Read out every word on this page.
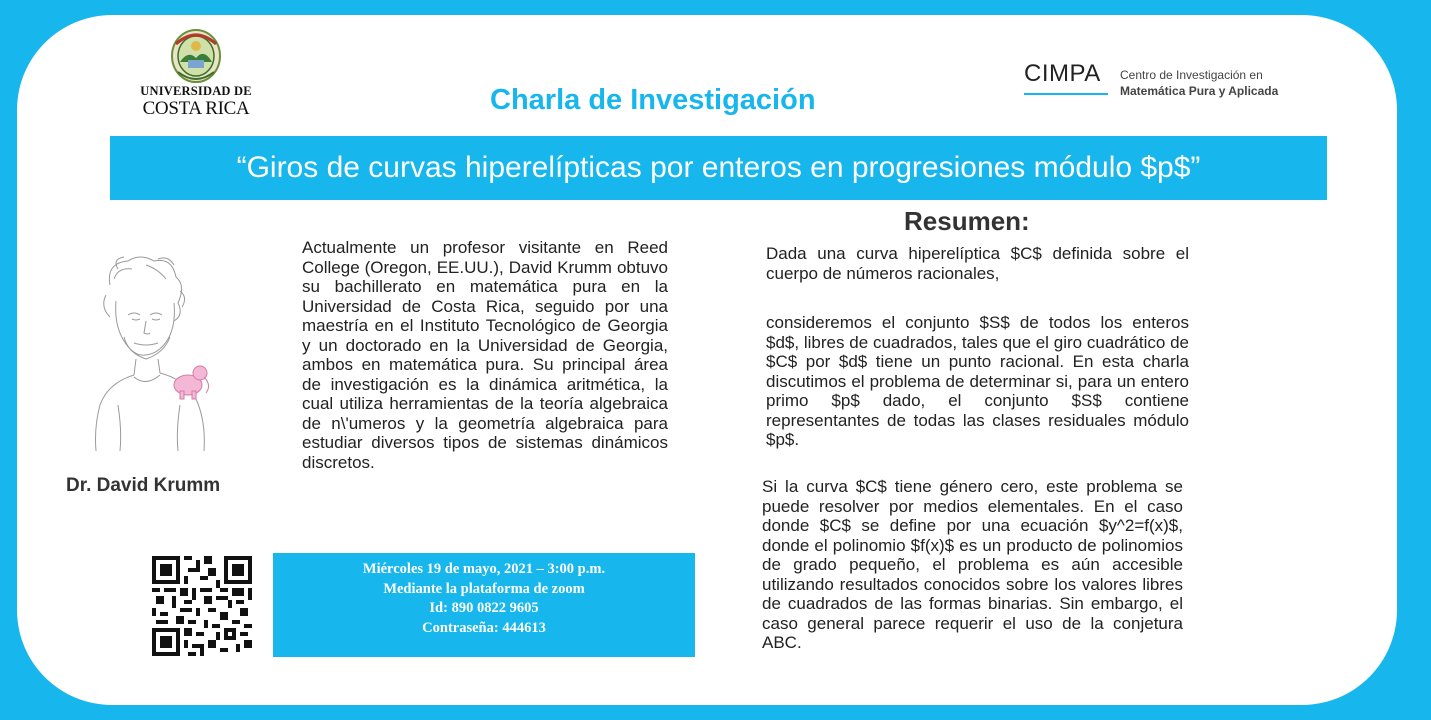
UNIVERSIDAD DE
COSTA RICA
CIMPA Centro de Investigación en
Matemática Pura y Aplicada
Charla de Investigación
“Giros de curvas hiperelípticas por enteros en progresiones módulo $p$”
Dr. David Krumm
Actualmente un profesor visitante en Reed College (Oregon, EE.UU.), David Krumm obtuvo su bachillerato en matemática pura en la Universidad de Costa Rica, seguido por una maestría en el Instituto Tecnológico de Georgia y un doctorado en la Universidad de Georgia, ambos en matemática pura. Su principal área de investigación es la dinámica aritmética, la cual utiliza herramientas de la teoría algebraica de n\'umeros y la geometría algebraica para estudiar diversos tipos de sistemas dinámicos discretos.
Miércoles 19 de mayo, 2021 – 3:00 p.m.
Mediante la plataforma de zoom
Id: 890 0822 9605
Contraseña: 444613
Resumen:
Dada una curva hiperelíptica $C$ definida sobre el cuerpo de números racionales,
consideremos el conjunto $S$ de todos los enteros $d$, libres de cuadrados, tales que el giro cuadrático de $C$ por $d$ tiene un punto racional. En esta charla discutimos el problema de determinar si, para un entero primo $p$ dado, el conjunto $S$ contiene representantes de todas las clases residuales módulo $p$.
Si la curva $C$ tiene género cero, este problema se puede resolver por medios elementales. En el caso donde $C$ se define por una ecuación $y^2=f(x)$, donde el polinomio $f(x)$ es un producto de polinomios de grado pequeño, el problema es aún accesible utilizando resultados conocidos sobre los valores libres de cuadrados de las formas binarias. Sin embargo, el caso general parece requerir el uso de la conjetura ABC.
